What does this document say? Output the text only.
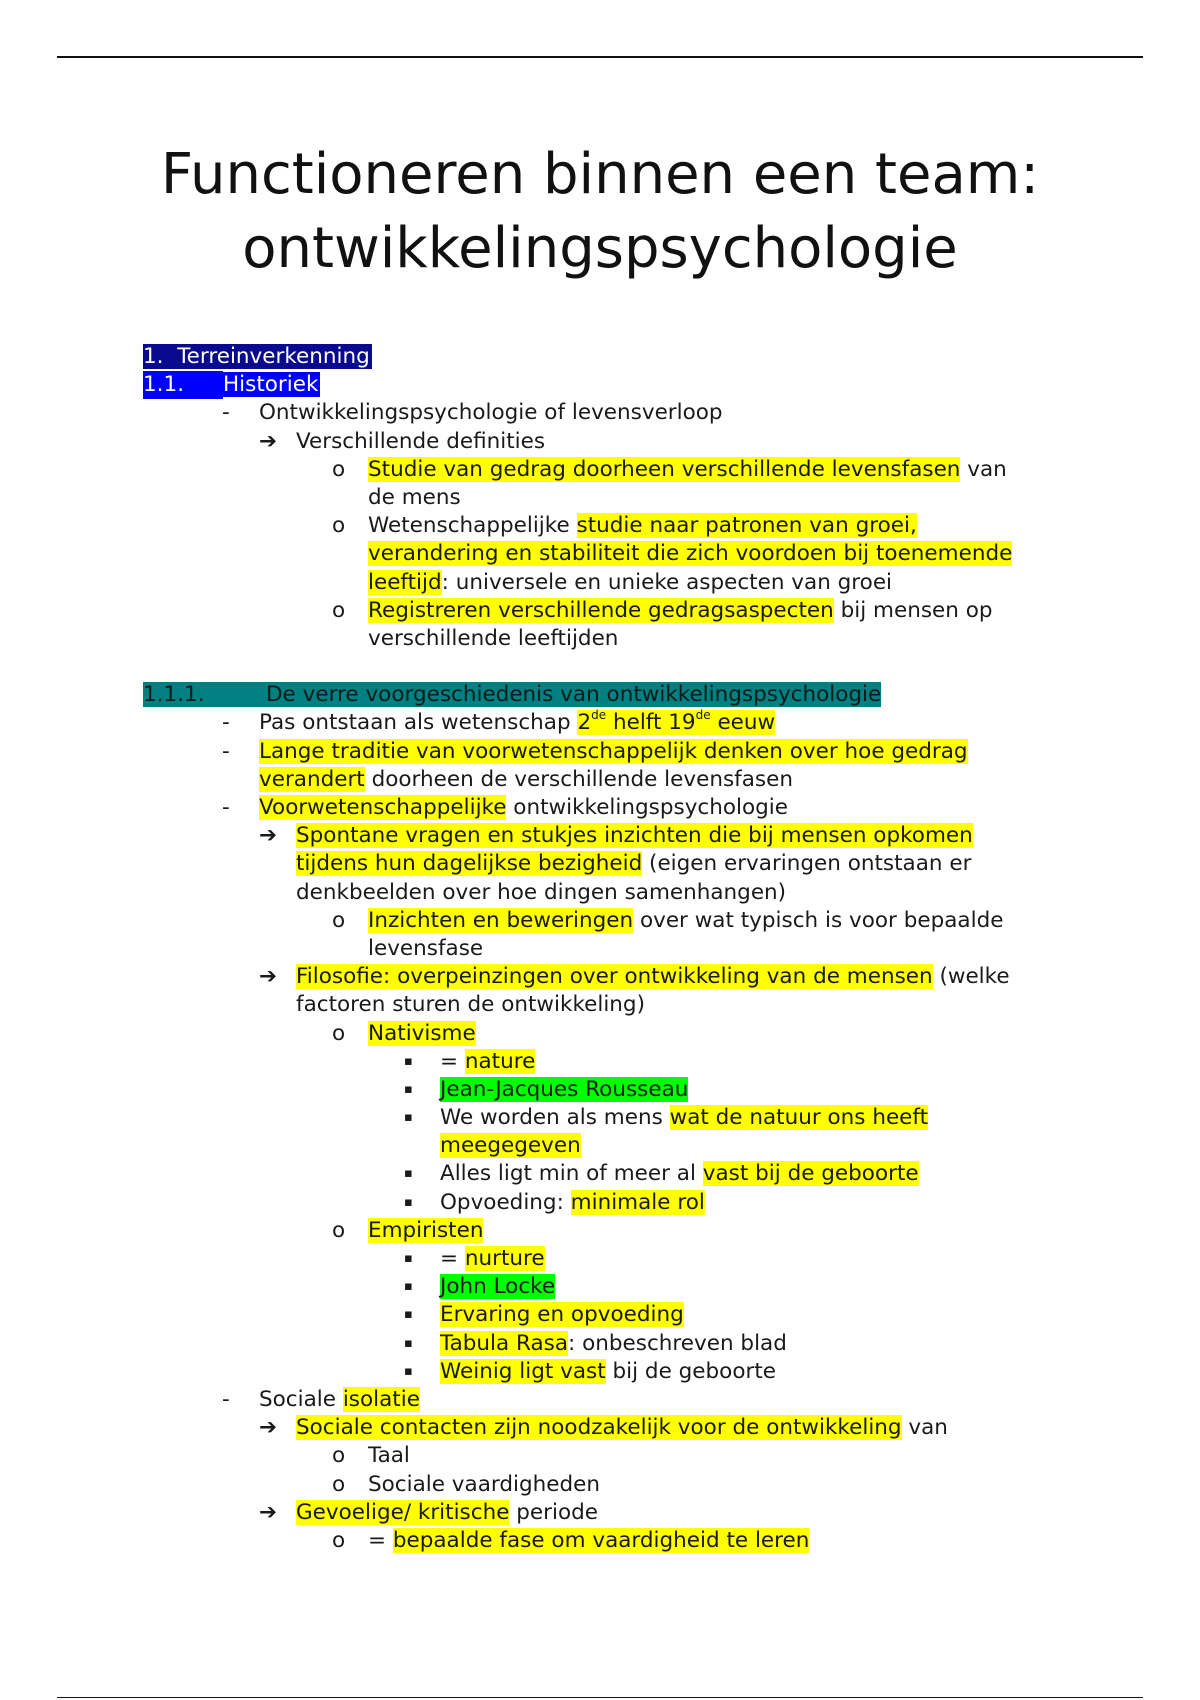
Functioneren binnen een team:
ontwikkelingspsychologie
1. Terreinverkenning
1.1. Historiek
- Ontwikkelingspsychologie of levensverloop
➔ Verschillende definities
o Studie van gedrag doorheen verschillende levensfasen van
de mens
o Wetenschappelijke studie naar patronen van groei,
verandering en stabiliteit die zich voordoen bij toenemende
leeftijd: universele en unieke aspecten van groei
o Registreren verschillende gedragsaspecten bij mensen op
verschillende leeftijden
1.1.1.	De verre voorgeschiedenis van ontwikkelingspsychologie
- Pas ontstaan als wetenschap 2de helft 19de eeuw
- Lange traditie van voorwetenschappelijk denken over hoe gedrag
verandert doorheen de verschillende levensfasen
- Voorwetenschappelijke ontwikkelingspsychologie
➔ Spontane vragen en stukjes inzichten die bij mensen opkomen
tijdens hun dagelijkse bezigheid (eigen ervaringen ontstaan er
denkbeelden over hoe dingen samenhangen)
o Inzichten en beweringen over wat typisch is voor bepaalde
levensfase
➔ Filosofie: overpeinzingen over ontwikkeling van de mensen (welke
factoren sturen de ontwikkeling)
o Nativisme
▪ = nature
▪ Jean-Jacques Rousseau
▪ We worden als mens wat de natuur ons heeft
meegegeven
▪ Alles ligt min of meer al vast bij de geboorte
▪ Opvoeding: minimale rol
o Empiristen
▪ = nurture
▪ John Locke
▪ Ervaring en opvoeding
▪ Tabula Rasa: onbeschreven blad
▪ Weinig ligt vast bij de geboorte
- Sociale isolatie
➔ Sociale contacten zijn noodzakelijk voor de ontwikkeling van
o Taal
o Sociale vaardigheden
➔ Gevoelige/ kritische periode
o = bepaalde fase om vaardigheid te leren
